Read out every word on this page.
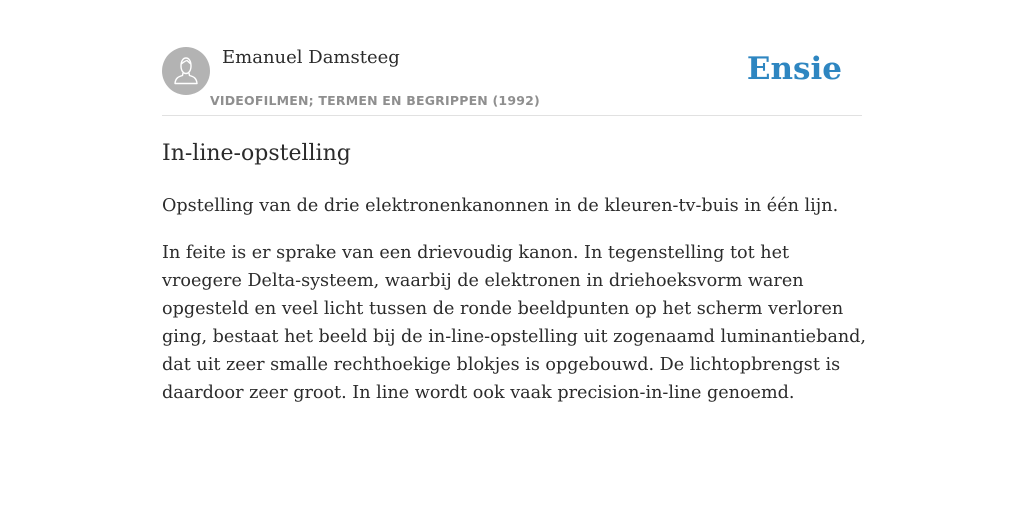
Emanuel Damsteeg
VIDEOFILMEN; TERMEN EN BEGRIPPEN (1992)
Ensie
In-line-opstelling

Opstelling van de drie elektronenkanonnen in de kleuren-tv-buis in één lijn.

In feite is er sprake van een drievoudig kanon. In tegenstelling tot het vroegere Delta-systeem, waarbij de elektronen in driehoeksvorm waren opgesteld en veel licht tussen de ronde beeldpunten op het scherm verloren ging, bestaat het beeld bij de in-line-opstelling uit zogenaamd luminantieband, dat uit zeer smalle rechthoekige blokjes is opgebouwd. De lichtopbrengst is daardoor zeer groot. In line wordt ook vaak precision-in-line genoemd.
